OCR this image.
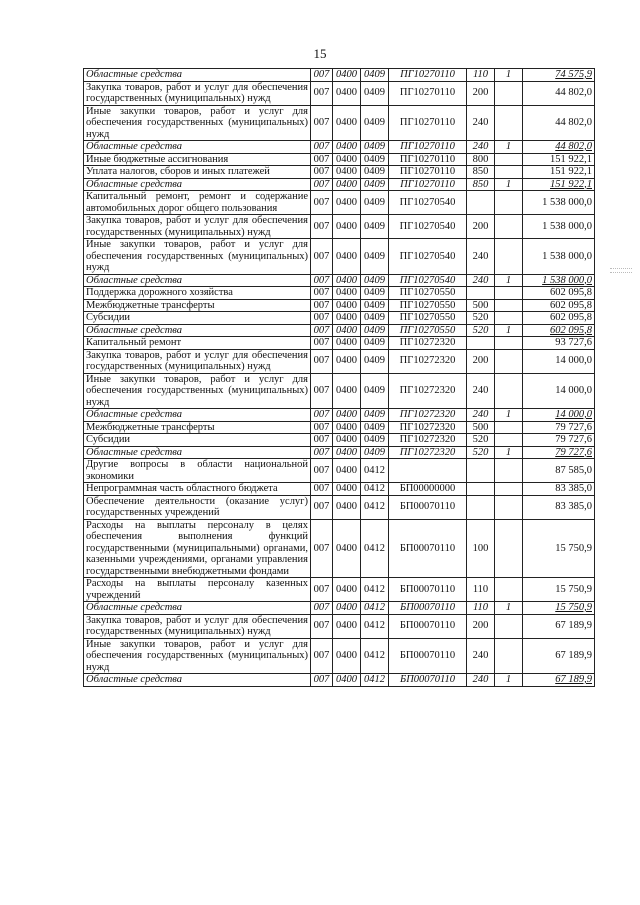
15
Областные средства	007	0400	0409	ПГ10270110	110	1	74 575,9
Закупка товаров, работ и услуг для обеспечения государственных (муниципальных) нужд	007	0400	0409	ПГ10270110	200		44 802,0
Иные закупки товаров, работ и услуг для обеспечения государственных (муниципальных) нужд	007	0400	0409	ПГ10270110	240		44 802,0
Областные средства	007	0400	0409	ПГ10270110	240	1	44 802,0
Иные бюджетные ассигнования	007	0400	0409	ПГ10270110	800		151 922,1
Уплата налогов, сборов и иных платежей	007	0400	0409	ПГ10270110	850		151 922,1
Областные средства	007	0400	0409	ПГ10270110	850	1	151 922,1
Капитальный ремонт, ремонт и содержание автомобильных дорог общего пользования	007	0400	0409	ПГ10270540			1 538 000,0
Закупка товаров, работ и услуг для обеспечения государственных (муниципальных) нужд	007	0400	0409	ПГ10270540	200		1 538 000,0
Иные закупки товаров, работ и услуг для обеспечения государственных (муниципальных) нужд	007	0400	0409	ПГ10270540	240		1 538 000,0
Областные средства	007	0400	0409	ПГ10270540	240	1	1 538 000,0
Поддержка дорожного хозяйства	007	0400	0409	ПГ10270550			602 095,8
Межбюджетные трансферты	007	0400	0409	ПГ10270550	500		602 095,8
Субсидии	007	0400	0409	ПГ10270550	520		602 095,8
Областные средства	007	0400	0409	ПГ10270550	520	1	602 095,8
Капитальный ремонт	007	0400	0409	ПГ10272320			93 727,6
Закупка товаров, работ и услуг для обеспечения государственных (муниципальных) нужд	007	0400	0409	ПГ10272320	200		14 000,0
Иные закупки товаров, работ и услуг для обеспечения государственных (муниципальных) нужд	007	0400	0409	ПГ10272320	240		14 000,0
Областные средства	007	0400	0409	ПГ10272320	240	1	14 000,0
Межбюджетные трансферты	007	0400	0409	ПГ10272320	500		79 727,6
Субсидии	007	0400	0409	ПГ10272320	520		79 727,6
Областные средства	007	0400	0409	ПГ10272320	520	1	79 727,6
Другие вопросы в области национальной экономики	007	0400	0412				87 585,0
Непрограммная часть областного бюджета	007	0400	0412	БП00000000			83 385,0
Обеспечение деятельности (оказание услуг) государственных учреждений	007	0400	0412	БП00070110			83 385,0
Расходы на выплаты персоналу в целях обеспечения выполнения функций государственными (муниципальными) органами, казенными учреждениями, органами управления государственными внебюджетными фондами	007	0400	0412	БП00070110	100		15 750,9
Расходы на выплаты персоналу казенных учреждений	007	0400	0412	БП00070110	110		15 750,9
Областные средства	007	0400	0412	БП00070110	110	1	15 750,9
Закупка товаров, работ и услуг для обеспечения государственных (муниципальных) нужд	007	0400	0412	БП00070110	200		67 189,9
Иные закупки товаров, работ и услуг для обеспечения государственных (муниципальных) нужд	007	0400	0412	БП00070110	240		67 189,9
Областные средства	007	0400	0412	БП00070110	240	1	67 189,9
